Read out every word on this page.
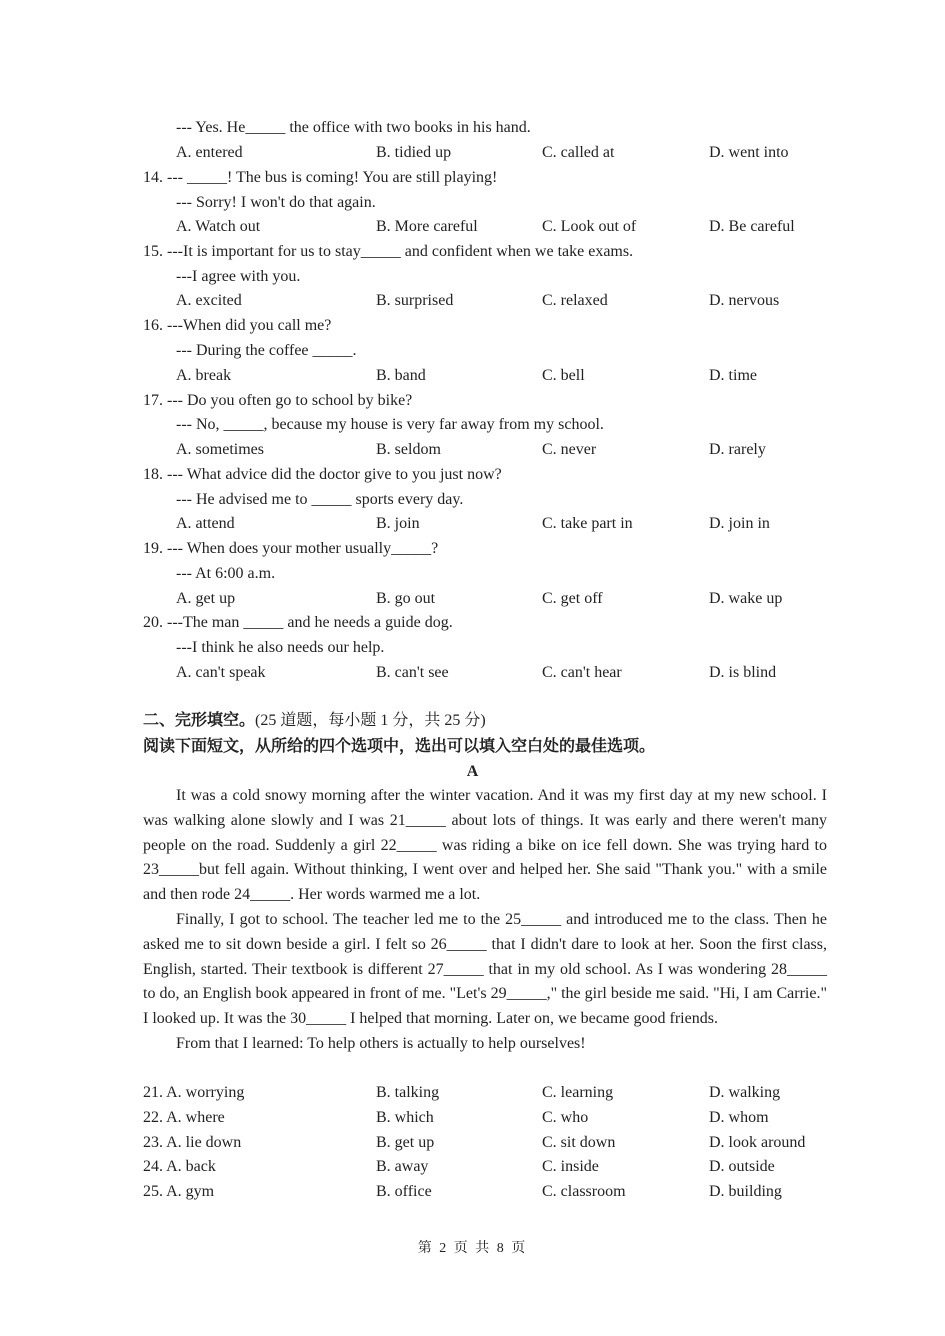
--- Yes. He_____ the office with two books in his hand.
A. entered	B. tidied up	C. called at	D. went into
14. --- _____! The bus is coming! You are still playing!
--- Sorry! I won't do that again.
A. Watch out	B. More careful	C. Look out of	D. Be careful
15. ---It is important for us to stay_____ and confident when we take exams.
---I agree with you.
A. excited	B. surprised	C. relaxed	D. nervous
16. ---When did you call me?
--- During the coffee _____.
A. break	B. band	C. bell	D. time
17. --- Do you often go to school by bike?
--- No, _____, because my house is very far away from my school.
A. sometimes	B. seldom	C. never	D. rarely
18. --- What advice did the doctor give to you just now?
--- He advised me to _____ sports every day.
A. attend	B. join	C. take part in	D. join in
19. --- When does your mother usually_____?
--- At 6:00 a.m.
A. get up	B. go out	C. get off	D. wake up
20. ---The man _____ and he needs a guide dog.
---I think he also needs our help.
A. can't speak	B. can't see	C. can't hear	D. is blind
二、完形填空。(25 道题，每小题 1 分，共 25 分)
阅读下面短文，从所给的四个选项中，选出可以填入空白处的最佳选项。
A
It was a cold snowy morning after the winter vacation. And it was my first day at my new school. I was walking alone slowly and I was 21_____ about lots of things. It was early and there weren't many people on the road. Suddenly a girl 22_____ was riding a bike on ice fell down. She was trying hard to 23_____but fell again. Without thinking, I went over and helped her. She said "Thank you." with a smile and then rode 24_____. Her words warmed me a lot.
Finally, I got to school. The teacher led me to the 25_____ and introduced me to the class. Then he asked me to sit down beside a girl. I felt so 26_____ that I didn't dare to look at her. Soon the first class, English, started. Their textbook is different 27_____ that in my old school. As I was wondering 28_____ to do, an English book appeared in front of me. "Let's 29_____," the girl beside me said. "Hi, I am Carrie." I looked up. It was the 30_____ I helped that morning. Later on, we became good friends.
From that I learned: To help others is actually to help ourselves!
21. A. worrying	B. talking	C. learning	D. walking
22. A. where	B. which	C. who	D. whom
23. A. lie down	B. get up	C. sit down	D. look around
24. A. back	B. away	C. inside	D. outside
25. A. gym	B. office	C. classroom	D. building
第 2 页 共 8 页
